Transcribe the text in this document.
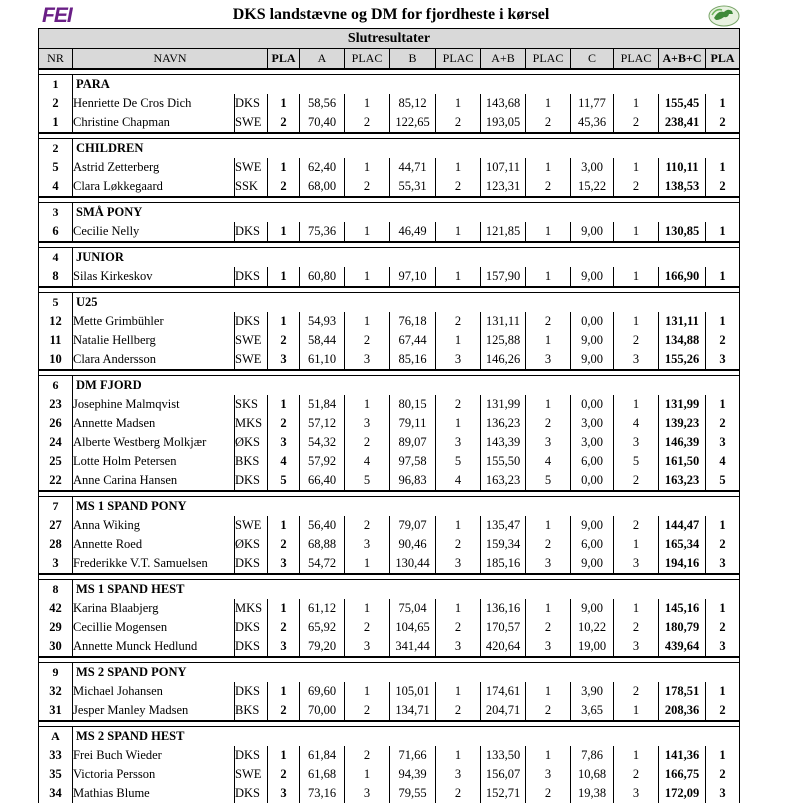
FEI	DKS landstævne og DM for fjordheste i kørsel
Slutresultater													
NR	NAVN		PLA	A	PLAC	B	PLAC	A+B	PLAC	C	PLAC	A+B+C	PLA

1	PARA												
2	Henriette De Cros Dich	DKS	1	58,56	1	85,12	1	143,68	1	11,77	1	155,45	1
1	Christine Chapman	SWE	2	70,40	2	122,65	2	193,05	2	45,36	2	238,41	2

2	CHILDREN												
5	Astrid Zetterberg	SWE	1	62,40	1	44,71	1	107,11	1	3,00	1	110,11	1
4	Clara Løkkegaard	SSK	2	68,00	2	55,31	2	123,31	2	15,22	2	138,53	2

3	SMÅ PONY												
6	Cecilie Nelly	DKS	1	75,36	1	46,49	1	121,85	1	9,00	1	130,85	1

4	JUNIOR												
8	Silas Kirkeskov	DKS	1	60,80	1	97,10	1	157,90	1	9,00	1	166,90	1

5	U25												
12	Mette Grimbühler	DKS	1	54,93	1	76,18	2	131,11	2	0,00	1	131,11	1
11	Natalie Hellberg	SWE	2	58,44	2	67,44	1	125,88	1	9,00	2	134,88	2
10	Clara Andersson	SWE	3	61,10	3	85,16	3	146,26	3	9,00	3	155,26	3

6	DM FJORD												
23	Josephine Malmqvist	SKS	1	51,84	1	80,15	2	131,99	1	0,00	1	131,99	1
26	Annette Madsen	MKS	2	57,12	3	79,11	1	136,23	2	3,00	4	139,23	2
24	Alberte Westberg Molkjær	ØKS	3	54,32	2	89,07	3	143,39	3	3,00	3	146,39	3
25	Lotte Holm Petersen	BKS	4	57,92	4	97,58	5	155,50	4	6,00	5	161,50	4
22	Anne Carina Hansen	DKS	5	66,40	5	96,83	4	163,23	5	0,00	2	163,23	5

7	MS 1 SPAND PONY												
27	Anna Wiking	SWE	1	56,40	2	79,07	1	135,47	1	9,00	2	144,47	1
28	Annette Roed	ØKS	2	68,88	3	90,46	2	159,34	2	6,00	1	165,34	2
3	Frederikke V.T. Samuelsen	DKS	3	54,72	1	130,44	3	185,16	3	9,00	3	194,16	3

8	MS 1 SPAND HEST												
42	Karina Blaabjerg	MKS	1	61,12	1	75,04	1	136,16	1	9,00	1	145,16	1
29	Cecillie Mogensen	DKS	2	65,92	2	104,65	2	170,57	2	10,22	2	180,79	2
30	Annette Munck Hedlund	DKS	3	79,20	3	341,44	3	420,64	3	19,00	3	439,64	3

9	MS 2 SPAND PONY												
32	Michael Johansen	DKS	1	69,60	1	105,01	1	174,61	1	3,90	2	178,51	1
31	Jesper Manley Madsen	BKS	2	70,00	2	134,71	2	204,71	2	3,65	1	208,36	2

A	MS 2 SPAND HEST												
33	Frei Buch Wieder	DKS	1	61,84	2	71,66	1	133,50	1	7,86	1	141,36	1
35	Victoria Persson	SWE	2	61,68	1	94,39	3	156,07	3	10,68	2	166,75	2
34	Mathias Blume	DKS	3	73,16	3	79,55	2	152,71	2	19,38	3	172,09	3
